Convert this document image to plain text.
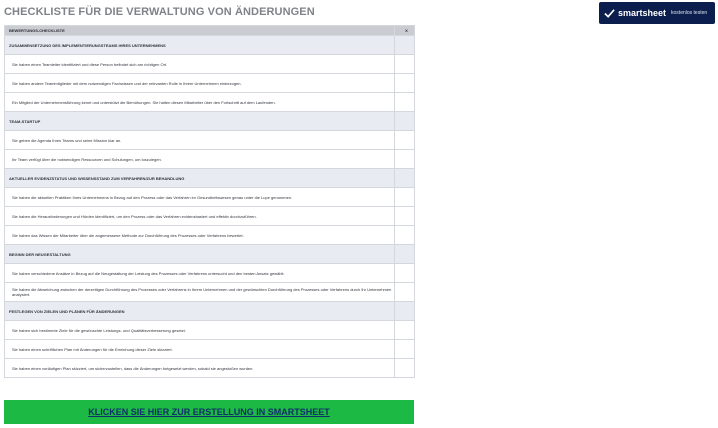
CHECKLISTE FÜR DIE VERWALTUNG VON ÄNDERUNGEN	smartsheet kostenlos testen
BEWERTUNGS-CHECKLISTE	X
ZUSAMMENSETZUNG DES IMPLEMENTIERUNGSTEAMS IHRES UNTERNEHMENS	
Sie haben einen Teamleiter identifiziert und diese Person befindet sich am richtigen Ort.	
Sie haben andere Teammitglieder mit dem notwendigen Fachwissen und der relevanten Rolle in Ihrem Unternehmen einbezogen.	
Ein Mitglied der Unternehmensführung kennt und unterstützt die Bemühungen. Sie halten diesen Mitarbeiter über den Fortschritt auf dem Laufenden.	
TEAM-STARTUP	
Sie geben die Agenda Ihres Teams und seine Mission klar an.	
Ihr Team verfügt über die notwendigen Ressourcen und Schulungen, um loszulegen.	
AKTUELLER EVIDENZSTATUS UND WISSENSSTAND ZUM VERFAHREN/ZUR BEHANDLUNG	
Sie haben die aktuellen Praktiken Ihres Unternehmens in Bezug auf den Prozess oder das Verfahren im Gesundheitswesen genau unter die Lupe genommen.	
Sie haben die Herausforderungen und Hürden identifiziert, um den Prozess oder das Verfahren evidenzbasiert und effektiv durchzuführen.	
Sie haben das Wissen der Mitarbeiter über die angemessene Methode zur Durchführung des Prozesses oder Verfahrens bewertet.	
BEGINN DER NEUGESTALTUNG	
Sie haben verschiedene Ansätze in Bezug auf die Neugestaltung der Leistung des Prozesses oder Verfahrens untersucht und den besten Ansatz gewählt.	
Sie haben die Abweichung zwischen der derzeitigen Durchführung des Prozesses oder Verfahrens in Ihrem Unternehmen und der gewünschten Durchführung des Prozesses oder Verfahrens durch Ihr Unternehmen analysiert.	
FESTLEGEN VON ZIELEN UND PLÄNEN FÜR ÄNDERUNGEN	
Sie haben sich bestimmte Ziele für die gewünschte Leistungs- und Qualitätsverbesserung gesetzt.	
Sie haben einen schriftlichen Plan mit Änderungen für die Erreichung dieser Ziele skizziert.	
Sie haben einen vorläufigen Plan skizziert, um sicherzustellen, dass die Änderungen fortgesetzt werden, sobald sie angestoßen wurden.	
KLICKEN SIE HIER ZUR ERSTELLUNG IN SMARTSHEET
